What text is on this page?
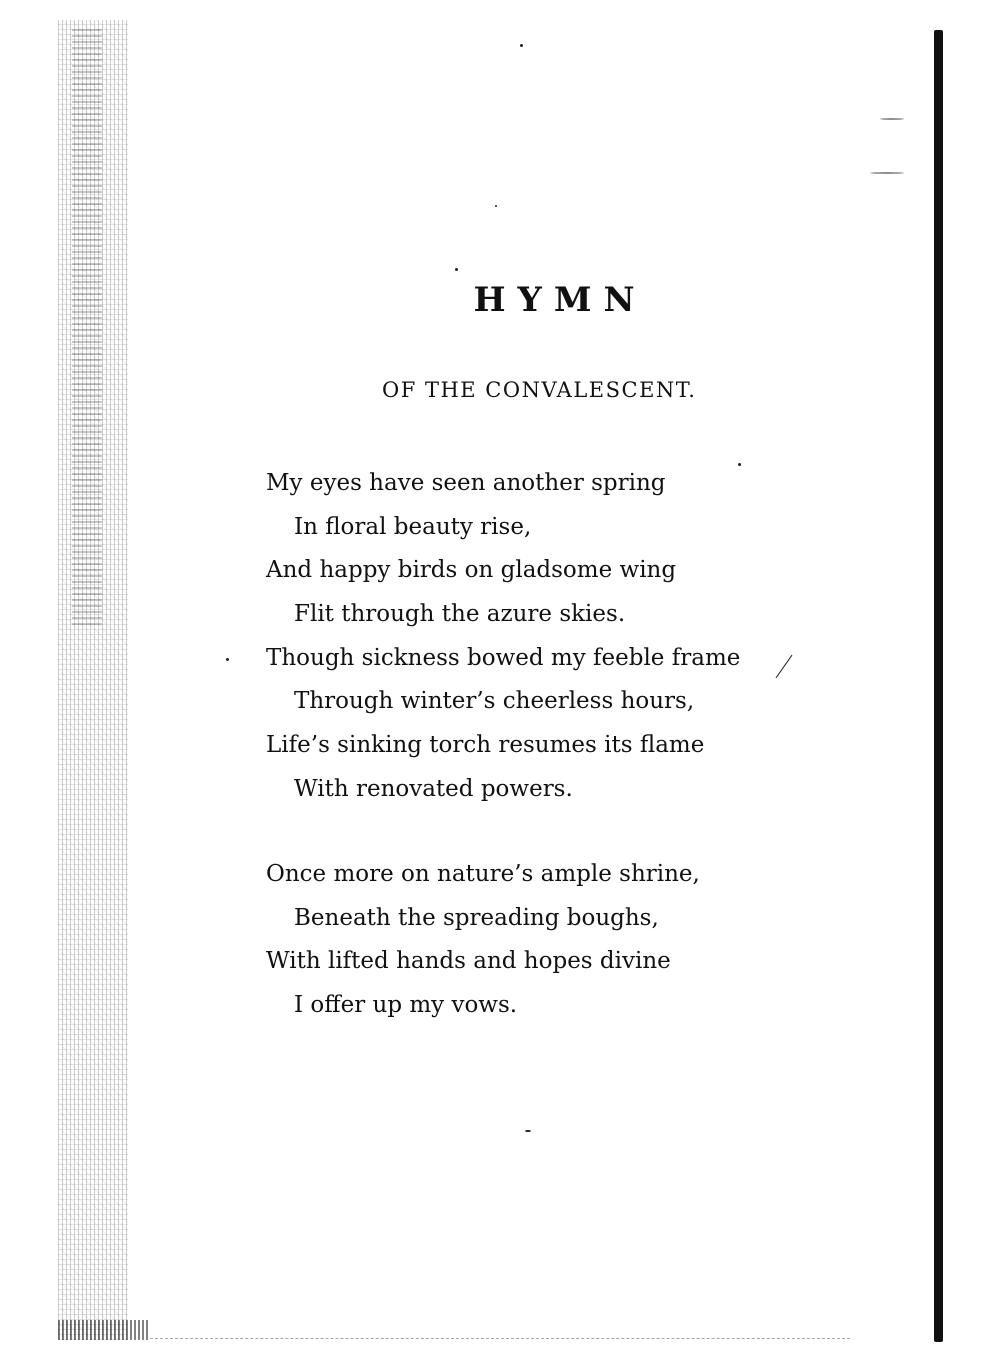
HYMN
OF THE CONVALESCENT.
My eyes have seen another spring
In floral beauty rise,
And happy birds on gladsome wing
Flit through the azure skies.
Though sickness bowed my feeble frame
Through winter’s cheerless hours,
Life’s sinking torch resumes its flame
With renovated powers.
Once more on nature’s ample shrine,
Beneath the spreading boughs,
With lifted hands and hopes divine
I offer up my vows.
